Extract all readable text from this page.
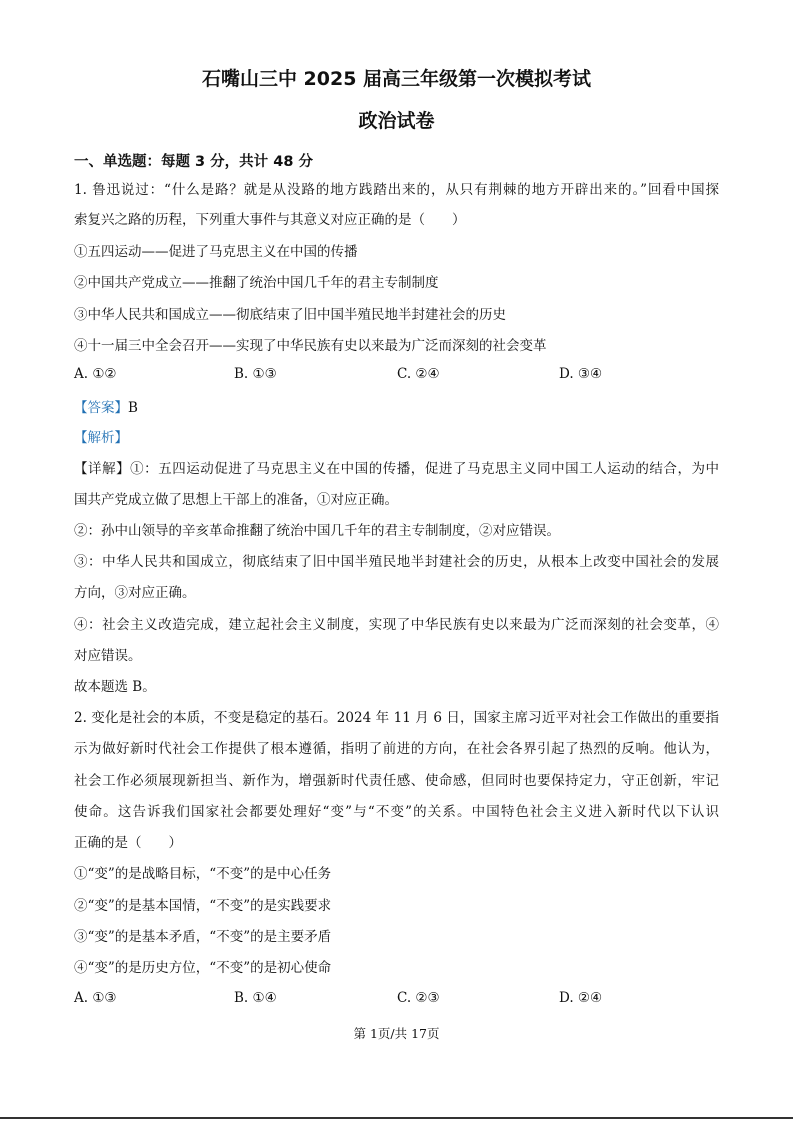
石嘴山三中 2025 届高三年级第一次模拟考试
政治试卷
一、单选题：每题 3 分，共计 48 分
1. 鲁迅说过：“什么是路？就是从没路的地方践踏出来的，从只有荆棘的地方开辟出来的。”回看中国探
索复兴之路的历程，下列重大事件与其意义对应正确的是（　　）
①五四运动——促进了马克思主义在中国的传播
②中国共产党成立——推翻了统治中国几千年的君主专制制度
③中华人民共和国成立——彻底结束了旧中国半殖民地半封建社会的历史
④十一届三中全会召开——实现了中华民族有史以来最为广泛而深刻的社会变革
A. ①②	B. ①③	C. ②④	D. ③④
【答案】B
【解析】
【详解】①：五四运动促进了马克思主义在中国的传播，促进了马克思主义同中国工人运动的结合，为中
国共产党成立做了思想上干部上的准备，①对应正确。
②：孙中山领导的辛亥革命推翻了统治中国几千年的君主专制制度，②对应错误。
③：中华人民共和国成立，彻底结束了旧中国半殖民地半封建社会的历史，从根本上改变中国社会的发展
方向，③对应正确。
④：社会主义改造完成，建立起社会主义制度，实现了中华民族有史以来最为广泛而深刻的社会变革，④
对应错误。
故本题选 B。
2. 变化是社会的本质，不变是稳定的基石。2024 年 11 月 6 日，国家主席习近平对社会工作做出的重要指
示为做好新时代社会工作提供了根本遵循，指明了前进的方向，在社会各界引起了热烈的反响。他认为，
社会工作必须展现新担当、新作为，增强新时代责任感、使命感，但同时也要保持定力，守正创新，牢记
使命。这告诉我们国家社会都要处理好“变”与“不变”的关系。中国特色社会主义进入新时代以下认识
正确的是（　　）
①“变”的是战略目标，“不变”的是中心任务
②“变”的是基本国情，“不变”的是实践要求
③“变”的是基本矛盾，“不变”的是主要矛盾
④“变”的是历史方位，“不变”的是初心使命
A. ①③	B. ①④	C. ②③	D. ②④
第 1页/共 17页
